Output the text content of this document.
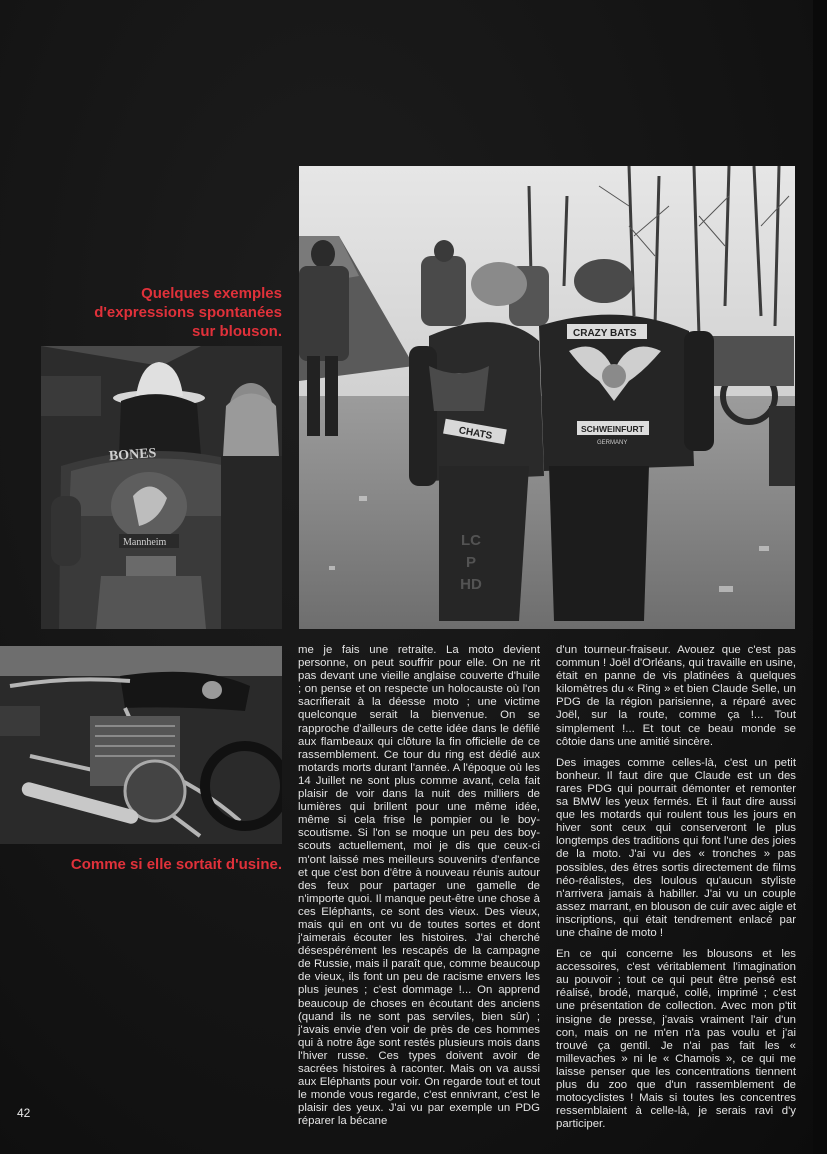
CHATS
CRAZY BATS
SCHWEINFURT
GERMANY
LC
P
HD
Quelques exemples
d'expressions spontanées
sur blouson.
BONES
Mannheim
Comme si elle sortait d'usine.

me je fais une retraite. La moto devient personne, on peut souffrir pour elle. On ne rit pas devant une vieille anglaise couverte d'huile ; on pense et on respecte un holocauste où l'on sacrifierait à la déesse moto ; une victime quelconque serait la bienvenue. On se rapproche d'ailleurs de cette idée dans le défilé aux flambeaux qui clôture la fin officielle de ce rassemblement. Ce tour du ring est dédié aux motards morts durant l'année. A l'époque où les 14 Juillet ne sont plus comme avant, cela fait plaisir de voir dans la nuit des milliers de lumières qui brillent pour une même idée, même si cela frise le pompier ou le boy-scoutisme. Si l'on se moque un peu des boy-scouts actuellement, moi je dis que ceux-ci m'ont laissé mes meilleurs souvenirs d'enfance et que c'est bon d'être à nouveau réunis autour des feux pour partager une gamelle de n'importe quoi. Il manque peut-être une chose à ces Eléphants, ce sont des vieux. Des vieux, mais qui en ont vu de toutes sortes et dont j'aimerais écouter les histoires. J'ai cherché désespérément les rescapés de la campagne de Russie, mais il paraît que, comme beaucoup de vieux, ils font un peu de racisme envers les plus jeunes ; c'est dommage !... On apprend beaucoup de choses en écoutant des anciens (quand ils ne sont pas serviles, bien sûr) ; j'avais envie d'en voir de près de ces hommes qui à notre âge sont restés plusieurs mois dans l'hiver russe. Ces types doivent avoir de sacrées histoires à raconter. Mais on va aussi aux Eléphants pour voir. On regarde tout et tout le monde vous regarde, c'est ennivrant, c'est le plaisir des yeux. J'ai vu par exemple un PDG réparer la bécane

d'un tourneur-fraiseur. Avouez que c'est pas commun ! Joël d'Orléans, qui travaille en usine, était en panne de vis platinées à quelques kilomètres du « Ring » et bien Claude Selle, un PDG de la région parisienne, a réparé avec Joël, sur la route, comme ça !... Tout simplement !... Et tout ce beau monde se côtoie dans une amitié sincère.

Des images comme celles-là, c'est un petit bonheur. Il faut dire que Claude est un des rares PDG qui pourrait démonter et remonter sa BMW les yeux fermés. Et il faut dire aussi que les motards qui roulent tous les jours en hiver sont ceux qui conserveront le plus longtemps des traditions qui font l'une des joies de la moto. J'ai vu des « tronches » pas possibles, des êtres sortis directement de films néo-réalistes, des loulous qu'aucun styliste n'arrivera jamais à habiller. J'ai vu un couple assez marrant, en blouson de cuir avec aigle et inscriptions, qui était tendrement enlacé par une chaîne de moto !

En ce qui concerne les blousons et les accessoires, c'est véritablement l'imagination au pouvoir ; tout ce qui peut être pensé est réalisé, brodé, marqué, collé, imprimé ; c'est une présentation de collection. Avec mon p'tit insigne de presse, j'avais vraiment l'air d'un con, mais on ne m'en n'a pas voulu et j'ai trouvé ça gentil. Je n'ai pas fait les « millevaches » ni le « Chamois », ce qui me laisse penser que les concentrations tiennent plus du zoo que d'un rassemblement de motocyclistes ! Mais si toutes les concentres ressemblaient à celle-là, je serais ravi d'y participer.

42
